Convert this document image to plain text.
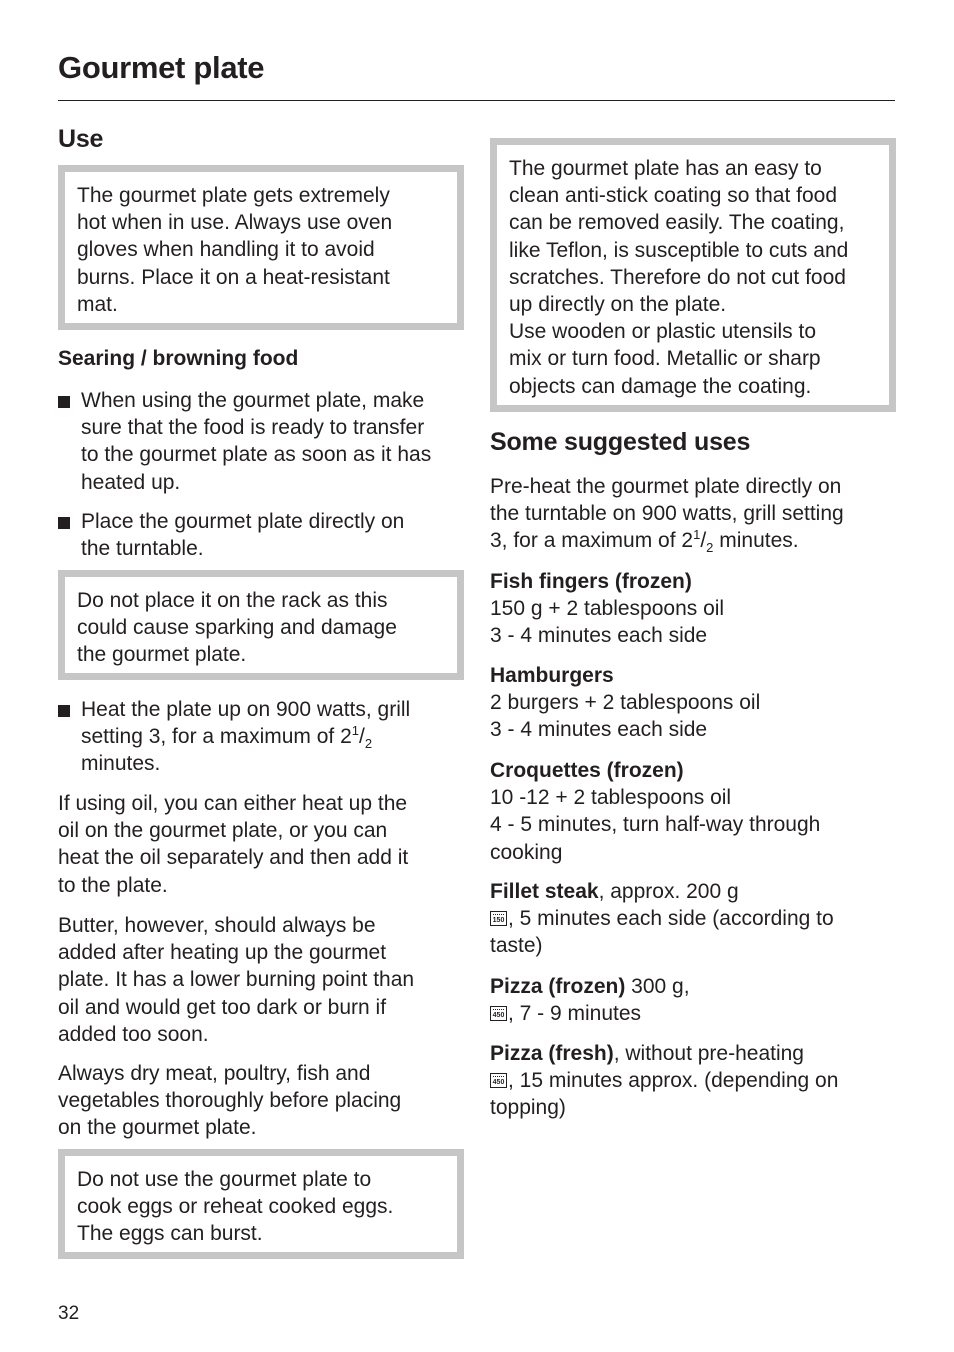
Gourmet plate
Use
The gourmet plate gets extremely
hot when in use. Always use oven
gloves when handling it to avoid
burns. Place it on a heat-resistant
mat.
Searing / browning food
When using the gourmet plate, make
sure that the food is ready to transfer
to the gourmet plate as soon as it has
heated up.
Place the gourmet plate directly on
the turntable.
Do not place it on the rack as this
could cause sparking and damage
the gourmet plate.
Heat the plate up on 900 watts, grill
setting 3, for a maximum of $2^1/_2$
minutes.
If using oil, you can either heat up the
oil on the gourmet plate, or you can
heat the oil separately and then add it
to the plate.
Butter, however, should always be
added after heating up the gourmet
plate. It has a lower burning point than
oil and would get too dark or burn if
added too soon.
Always dry meat, poultry, fish and
vegetables thoroughly before placing
on the gourmet plate.
Do not use the gourmet plate to
cook eggs or reheat cooked eggs.
The eggs can burst.
The gourmet plate has an easy to
clean anti-stick coating so that food
can be removed easily. The coating,
like Teflon, is susceptible to cuts and
scratches. Therefore do not cut food
up directly on the plate.
Use wooden or plastic utensils to
mix or turn food. Metallic or sharp
objects can damage the coating.
Some suggested uses
Pre-heat the gourmet plate directly on
the turntable on 900 watts, grill setting
3, for a maximum of $2^1/_2$ minutes.
Fish fingers (frozen)
150 g + 2 tablespoons oil
3 - 4 minutes each side
Hamburgers
2 burgers + 2 tablespoons oil
3 - 4 minutes each side
Croquettes (frozen)
10 -12 + 2 tablespoons oil
4 - 5 minutes, turn half-way through
cooking
Fillet steak, approx. 200 g
150 , 5 minutes each side (according to
taste)
Pizza (frozen) 300 g,
450 , 7 - 9 minutes
Pizza (fresh), without pre-heating
450 , 15 minutes approx. (depending on
topping)
32
